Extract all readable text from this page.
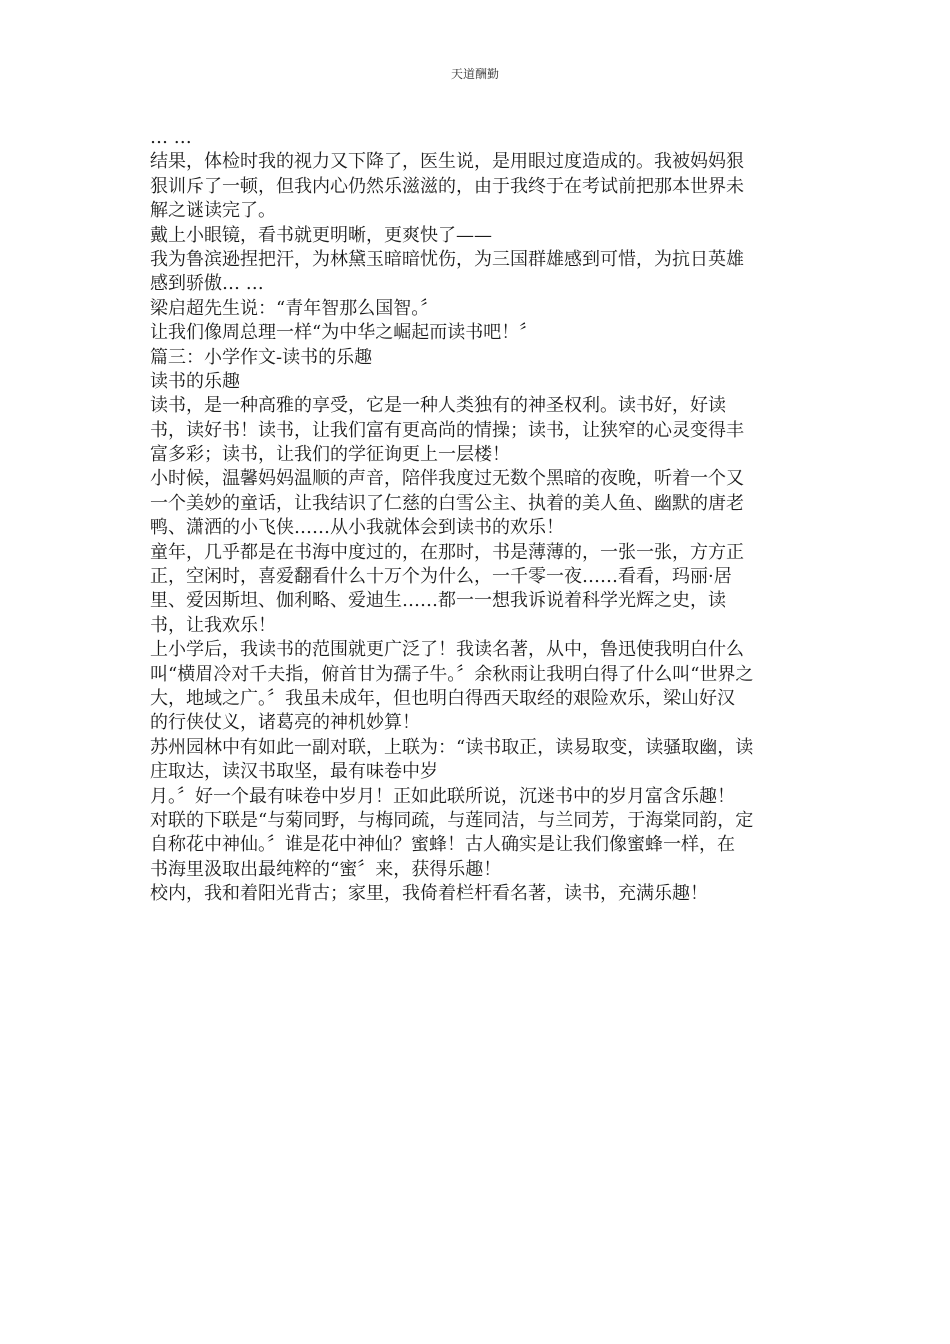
天道酬勤
… …
结果，体检时我的视力又下降了，医生说，是用眼过度造成的。我被妈妈狠
狠训斥了一顿，但我内心仍然乐滋滋的，由于我终于在考试前把那本世界未
解之谜读完了。
戴上小眼镜，看书就更明晰，更爽快了——
我为鲁滨逊捏把汗，为林黛玉暗暗忧伤，为三国群雄感到可惜，为抗日英雄
感到骄傲… …
梁启超先生说：“青年智那么国智。〞
让我们像周总理一样“为中华之崛起而读书吧！〞
篇三：小学作文-读书的乐趣
读书的乐趣
读书，是一种高雅的享受，它是一种人类独有的神圣权利。读书好，好读
书，读好书！读书，让我们富有更高尚的情操；读书，让狭窄的心灵变得丰
富多彩；读书，让我们的学征询更上一层楼！
小时候，温馨妈妈温顺的声音，陪伴我度过无数个黑暗的夜晚，听着一个又
一个美妙的童话，让我结识了仁慈的白雪公主、执着的美人鱼、幽默的唐老
鸭、潇洒的小飞侠……从小我就体会到读书的欢乐！
童年，几乎都是在书海中度过的，在那时，书是薄薄的，一张一张，方方正
正，空闲时，喜爱翻看什么十万个为什么，一千零一夜……看看，玛丽·居
里、爱因斯坦、伽利略、爱迪生……都一一想我诉说着科学光辉之史，读
书，让我欢乐！
上小学后，我读书的范围就更广泛了！我读名著，从中，鲁迅使我明白什么
叫“横眉冷对千夫指，俯首甘为孺子牛。〞余秋雨让我明白得了什么叫“世界之
大，地域之广。〞我虽未成年，但也明白得西天取经的艰险欢乐，梁山好汉
的行侠仗义，诸葛亮的神机妙算！
苏州园林中有如此一副对联，上联为：“读书取正，读易取变，读骚取幽，读
庄取达，读汉书取坚，最有味卷中岁
月。〞好一个最有味卷中岁月！正如此联所说，沉迷书中的岁月富含乐趣！
对联的下联是“与菊同野，与梅同疏，与莲同洁，与兰同芳，于海棠同韵，定
自称花中神仙。〞谁是花中神仙？蜜蜂！古人确实是让我们像蜜蜂一样，在
书海里汲取出最纯粹的“蜜〞来，获得乐趣！
校内，我和着阳光背古；家里，我倚着栏杆看名著，读书，充满乐趣！
